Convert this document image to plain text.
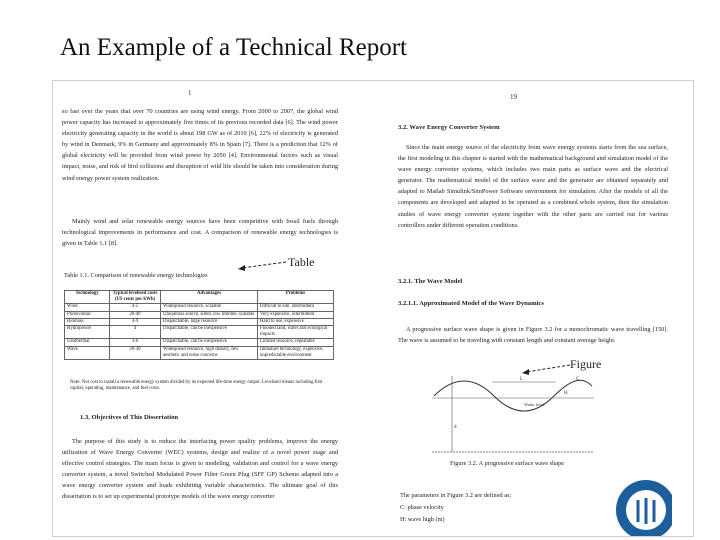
An Example of a Technical Report
1

so fast over the years that over 70 countries are using wind energy. From 2000 to 2007, the global wind power capacity has increased to approximately five times of its previous recorded data [6]. The wind power electricity generating capacity in the world is about 198 GW as of 2010 [6], 22% of electricity is generated by wind in Denmark, 9% in Germany and approximately 8% in Spain [7]. There is a prediction that 12% of global electricity will be provided from wind power by 2050 [4]. Environmental factors such as visual impact, noise, and risk of bird collisions and disruption of wild life should be taken into consideration during wind energy power system realization.

Mainly wind and solar renewable energy sources have been competitive with fossil fuels through technological improvements in performance and cost. A comparison of renewable energy technologies is given in Table 1.1 [8].

Table 1.1. Comparison of renewable energy technologies
Technology	Typical levelised costs (US cents per kWh)	Advantages	Problems
Wind	4-5	Widespread resource, scalable	Difficult to site, intermittent
Photovoltaic	20-40	Ubiquitous source, silent, low lifetime, scalable	Very expensive, intermittent
Biomass	4-9	Dispatchable, large resource	Hard to use, expensive
Hydropower	4	Dispatchable, can be inexpensive	Flooded land, water and ecological impacts
Geothermal	3-6	Dispatchable, can be inexpensive	Limited resource, repeatable
Wave	20-30	Widespread resource, high density, few aesthetic and noise concerns	Immature technology, expensive, unpredictable environment
Note: Not cost to install a renewable energy system divided by its expected life-time energy output. Levelised means including first capital, operating, maintenance, and fuel costs.
1.3. Objectives of This Dissertation

The purpose of this study is to reduce the interfacing power quality problems, improve the energy utilization of Wave Energy Converter (WEC) systems, design and realize of a novel power stage and effective control strategies. The main focus is given to modeling, validation and control for a wave energy converter system, a novel Switched Modulated Power Filter Green Plug (SFF GP) Scheme adapted into a wave energy converter system and loads exhibiting variable characteristics. The ultimate goal of this dissertation is to set up experimental prototype models of the wave energy converter

19
3.2. Wave Energy Converter System

Since the main energy source of the electricity from wave energy systems starts from the sea surface, the first modeling in this chapter is started with the mathematical background and simulation model of the wave energy converter systems, which includes two main parts as surface wave and the electrical generator. The mathematical model of the surface wave and the generator are obtained separately and adapted to Matlab Simulink/SimPower Software environment for simulation. After the models of all the components are developed and adapted to be operated as a combined whole system, then the simulation studies of wave energy converter system together with the other parts are carried out for various controllers under different operation conditions.

3.2.1. The Wave Model
3.2.1.1. Approximated Model of the Wave Dynamics

A progressive surface wave shape is given in Figure 3.2 for a monochromatic wave travelling [150]. The wave is assumed to be traveling with constant length and constant average height.

L	C
H
Water level
d
Figure 3.2. A progressive surface wave shape
The parameters in Figure 3.2 are defined as;
C: phase velocity
H: wave high (m)
Table
Figure
